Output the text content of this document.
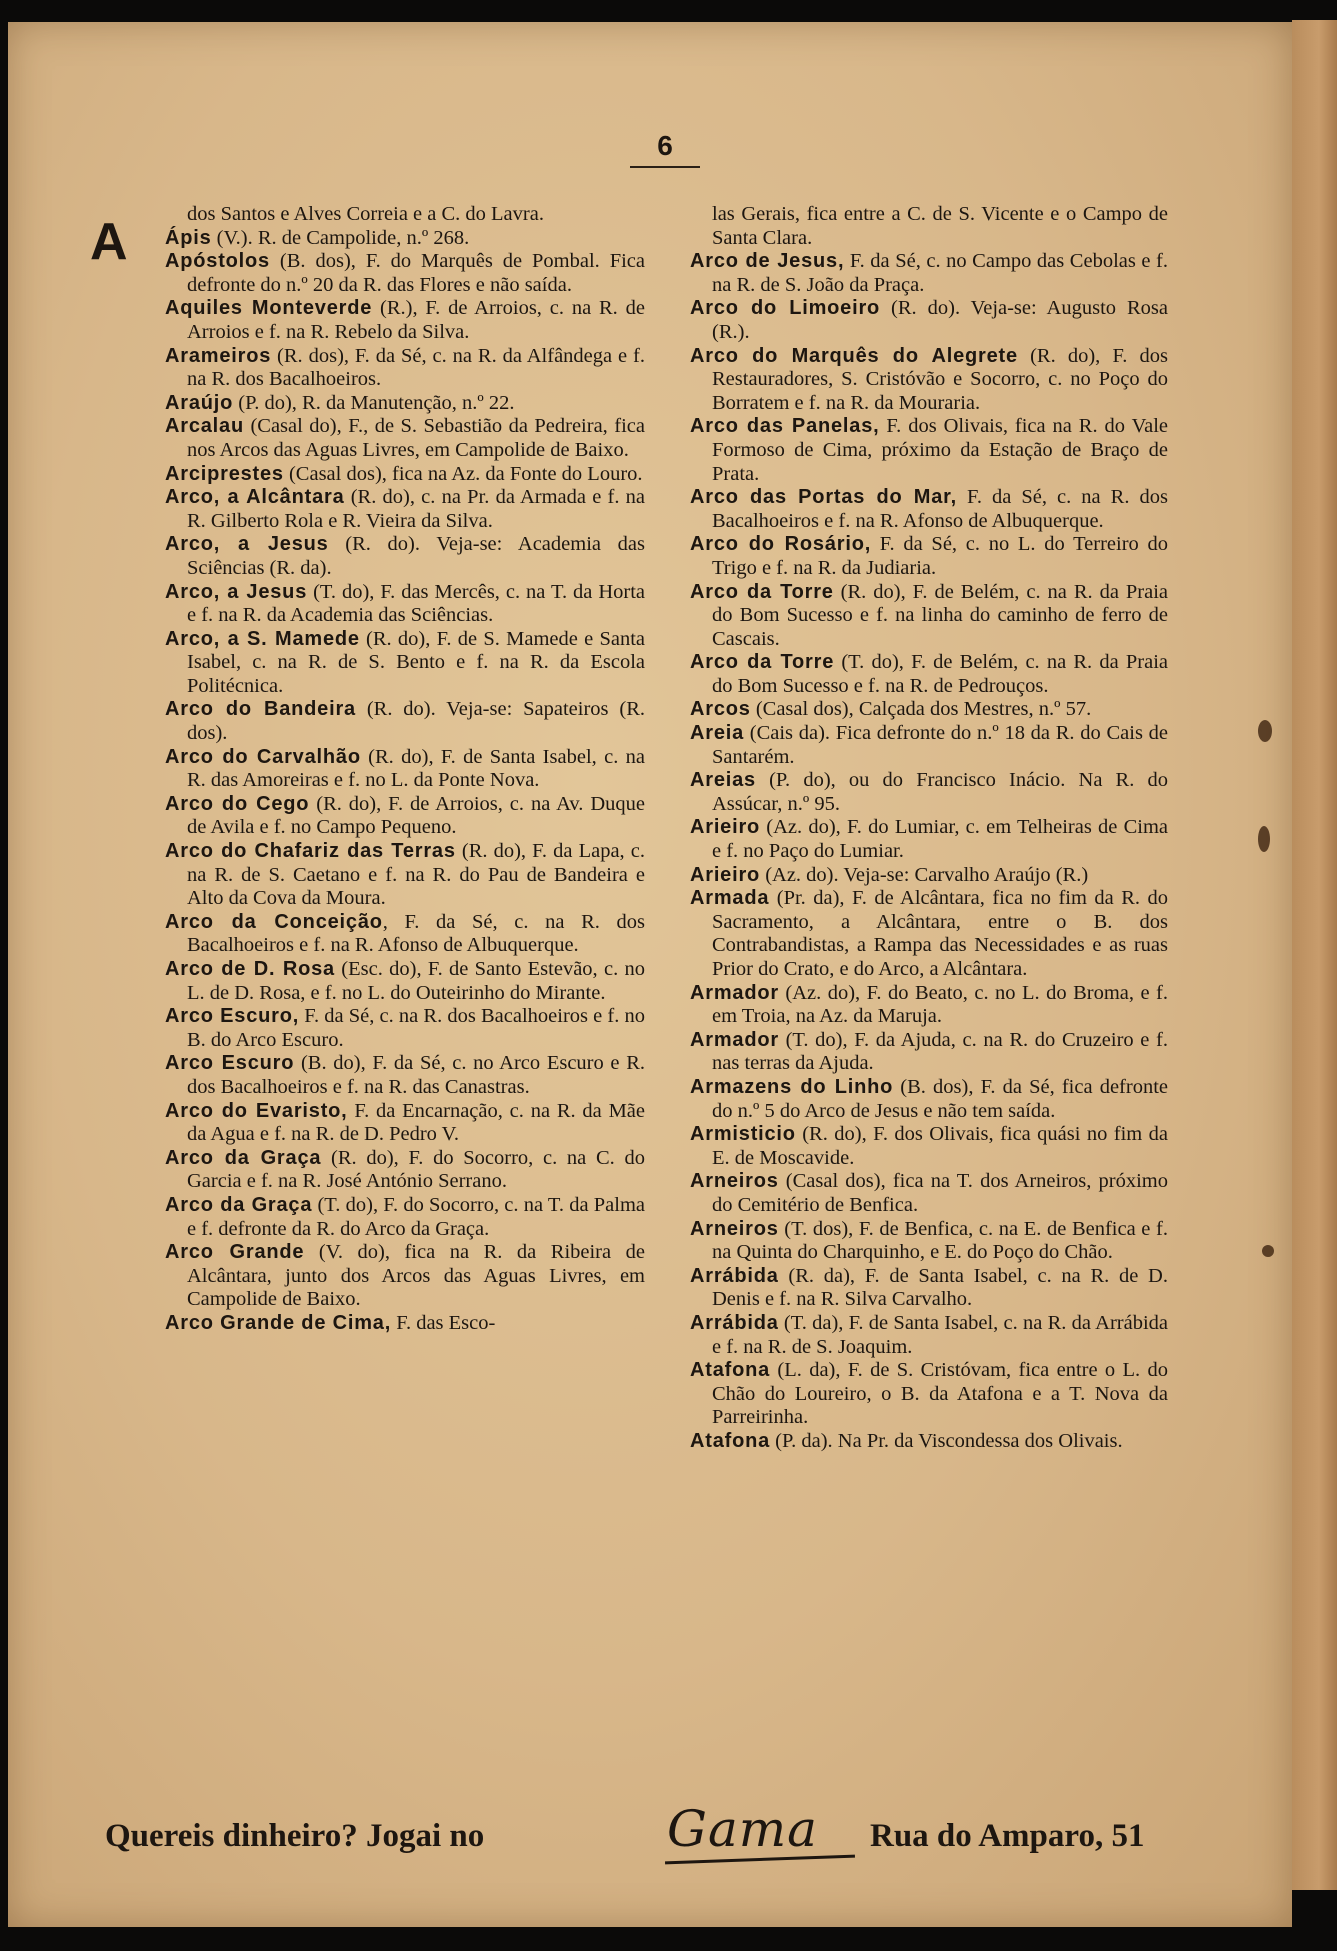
6
A	dos Santos e Alves Correia e a C. do Lavra.
Ápis (V.). R. de Campolide, n.º 268.
Apóstolos (B. dos), F. do Marquês de Pombal. Fica defronte do n.º 20 da R. das Flores e não saída.
Aquiles Monteverde (R.), F. de Arroios, c. na R. de Arroios e f. na R. Rebelo da Silva.
Arameiros (R. dos), F. da Sé, c. na R. da Alfândega e f. na R. dos Bacalhoeiros.
Araújo (P. do), R. da Manutenção, n.º 22.
Arcalau (Casal do), F., de S. Sebastião da Pedreira, fica nos Arcos das Aguas Livres, em Campolide de Baixo.
Arciprestes (Casal dos), fica na Az. da Fonte do Louro.
Arco, a Alcântara (R. do), c. na Pr. da Armada e f. na R. Gilberto Rola e R. Vieira da Silva.
Arco, a Jesus (R. do). Veja-se: Academia das Sciências (R. da).
Arco, a Jesus (T. do), F. das Mercês, c. na T. da Horta e f. na R. da Academia das Sciências.
Arco, a S. Mamede (R. do), F. de S. Mamede e Santa Isabel, c. na R. de S. Bento e f. na R. da Escola Politécnica.
Arco do Bandeira (R. do). Veja-se: Sapateiros (R. dos).
Arco do Carvalhão (R. do), F. de Santa Isabel, c. na R. das Amoreiras e f. no L. da Ponte Nova.
Arco do Cego (R. do), F. de Arroios, c. na Av. Duque de Avila e f. no Campo Pequeno.
Arco do Chafariz das Terras (R. do), F. da Lapa, c. na R. de S. Caetano e f. na R. do Pau de Bandeira e Alto da Cova da Moura.
Arco da Conceição, F. da Sé, c. na R. dos Bacalhoeiros e f. na R. Afonso de Albuquerque.
Arco de D. Rosa (Esc. do), F. de Santo Estevão, c. no L. de D. Rosa, e f. no L. do Outeirinho do Mirante.
Arco Escuro, F. da Sé, c. na R. dos Bacalhoeiros e f. no B. do Arco Escuro.
Arco Escuro (B. do), F. da Sé, c. no Arco Escuro e R. dos Bacalhoeiros e f. na R. das Canastras.
Arco do Evaristo, F. da Encarnação, c. na R. da Mãe da Agua e f. na R. de D. Pedro V.
Arco da Graça (R. do), F. do Socorro, c. na C. do Garcia e f. na R. José António Serrano.
Arco da Graça (T. do), F. do Socorro, c. na T. da Palma e f. defronte da R. do Arco da Graça.
Arco Grande (V. do), fica na R. da Ribeira de Alcântara, junto dos Arcos das Aguas Livres, em Campolide de Baixo.
Arco Grande de Cima, F. das Esco-
las Gerais, fica entre a C. de S. Vicente e o Campo de Santa Clara.
Arco de Jesus, F. da Sé, c. no Campo das Cebolas e f. na R. de S. João da Praça.
Arco do Limoeiro (R. do). Veja-se: Augusto Rosa (R.).
Arco do Marquês do Alegrete (R. do), F. dos Restauradores, S. Cristóvão e Socorro, c. no Poço do Borratem e f. na R. da Mouraria.
Arco das Panelas, F. dos Olivais, fica na R. do Vale Formoso de Cima, próximo da Estação de Braço de Prata.
Arco das Portas do Mar, F. da Sé, c. na R. dos Bacalhoeiros e f. na R. Afonso de Albuquerque.
Arco do Rosário, F. da Sé, c. no L. do Terreiro do Trigo e f. na R. da Judiaria.
Arco da Torre (R. do), F. de Belém, c. na R. da Praia do Bom Sucesso e f. na linha do caminho de ferro de Cascais.
Arco da Torre (T. do), F. de Belém, c. na R. da Praia do Bom Sucesso e f. na R. de Pedrouços.
Arcos (Casal dos), Calçada dos Mestres, n.º 57.
Areia (Cais da). Fica defronte do n.º 18 da R. do Cais de Santarém.
Areias (P. do), ou do Francisco Inácio. Na R. do Assúcar, n.º 95.
Arieiro (Az. do), F. do Lumiar, c. em Telheiras de Cima e f. no Paço do Lumiar.
Arieiro (Az. do). Veja-se: Carvalho Araújo (R.)
Armada (Pr. da), F. de Alcântara, fica no fim da R. do Sacramento, a Alcântara, entre o B. dos Contrabandistas, a Rampa das Necessidades e as ruas Prior do Crato, e do Arco, a Alcântara.
Armador (Az. do), F. do Beato, c. no L. do Broma, e f. em Troia, na Az. da Maruja.
Armador (T. do), F. da Ajuda, c. na R. do Cruzeiro e f. nas terras da Ajuda.
Armazens do Linho (B. dos), F. da Sé, fica defronte do n.º 5 do Arco de Jesus e não tem saída.
Armisticio (R. do), F. dos Olivais, fica quási no fim da E. de Moscavide.
Arneiros (Casal dos), fica na T. dos Arneiros, próximo do Cemitério de Benfica.
Arneiros (T. dos), F. de Benfica, c. na E. de Benfica e f. na Quinta do Charquinho, e E. do Poço do Chão.
Arrábida (R. da), F. de Santa Isabel, c. na R. de D. Denis e f. na R. Silva Carvalho.
Arrábida (T. da), F. de Santa Isabel, c. na R. da Arrábida e f. na R. de S. Joaquim.
Atafona (L. da), F. de S. Cristóvam, fica entre o L. do Chão do Loureiro, o B. da Atafona e a T. Nova da Parreirinha.
Atafona (P. da). Na Pr. da Viscondessa dos Olivais.
Quereis dinheiro? Jogai no	Gama Rua do Amparo, 51
